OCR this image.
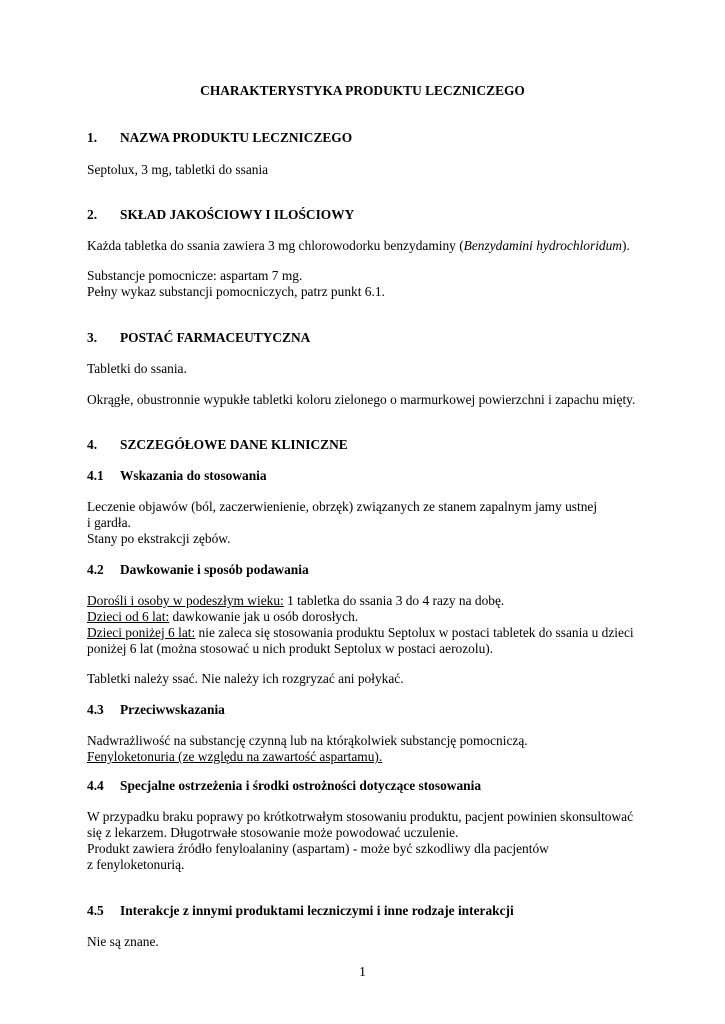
CHARAKTERYSTYKA PRODUKTU LECZNICZEGO
1. NAZWA PRODUKTU LECZNICZEGO
Septolux, 3 mg, tabletki do ssania
2. SKŁAD JAKOŚCIOWY I ILOŚCIOWY
Każda tabletka do ssania zawiera 3 mg chlorowodorku benzydaminy (Benzydamini hydrochloridum).
Substancje pomocnicze: aspartam 7 mg.
Pełny wykaz substancji pomocniczych, patrz punkt 6.1.
3. POSTAĆ FARMACEUTYCZNA
Tabletki do ssania.
Okrągłe, obustronnie wypukłe tabletki koloru zielonego o marmurkowej powierzchni i zapachu mięty.
4. SZCZEGÓŁOWE DANE KLINICZNE
4.1 Wskazania do stosowania
Leczenie objawów (ból, zaczerwienienie, obrzęk) związanych ze stanem zapalnym jamy ustnej
i gardła.
Stany po ekstrakcji zębów.
4.2 Dawkowanie i sposób podawania
Dorośli i osoby w podeszłym wieku: 1 tabletka do ssania 3 do 4 razy na dobę.
Dzieci od 6 lat: dawkowanie jak u osób dorosłych.
Dzieci poniżej 6 lat: nie zaleca się stosowania produktu Septolux w postaci tabletek do ssania u dzieci
poniżej 6 lat (można stosować u nich produkt Septolux w postaci aerozolu).
Tabletki należy ssać. Nie należy ich rozgryzać ani połykać.
4.3 Przeciwwskazania
Nadwrażliwość na substancję czynną lub na którąkolwiek substancję pomocniczą.
Fenyloketonuria (ze względu na zawartość aspartamu).
4.4 Specjalne ostrzeżenia i środki ostrożności dotyczące stosowania
W przypadku braku poprawy po krótkotrwałym stosowaniu produktu, pacjent powinien skonsultować
się z lekarzem. Długotrwałe stosowanie może powodować uczulenie.
Produkt zawiera źródło fenyloalaniny (aspartam) - może być szkodliwy dla pacjentów
z fenyloketonurią.
4.5 Interakcje z innymi produktami leczniczymi i inne rodzaje interakcji
Nie są znane.
1
